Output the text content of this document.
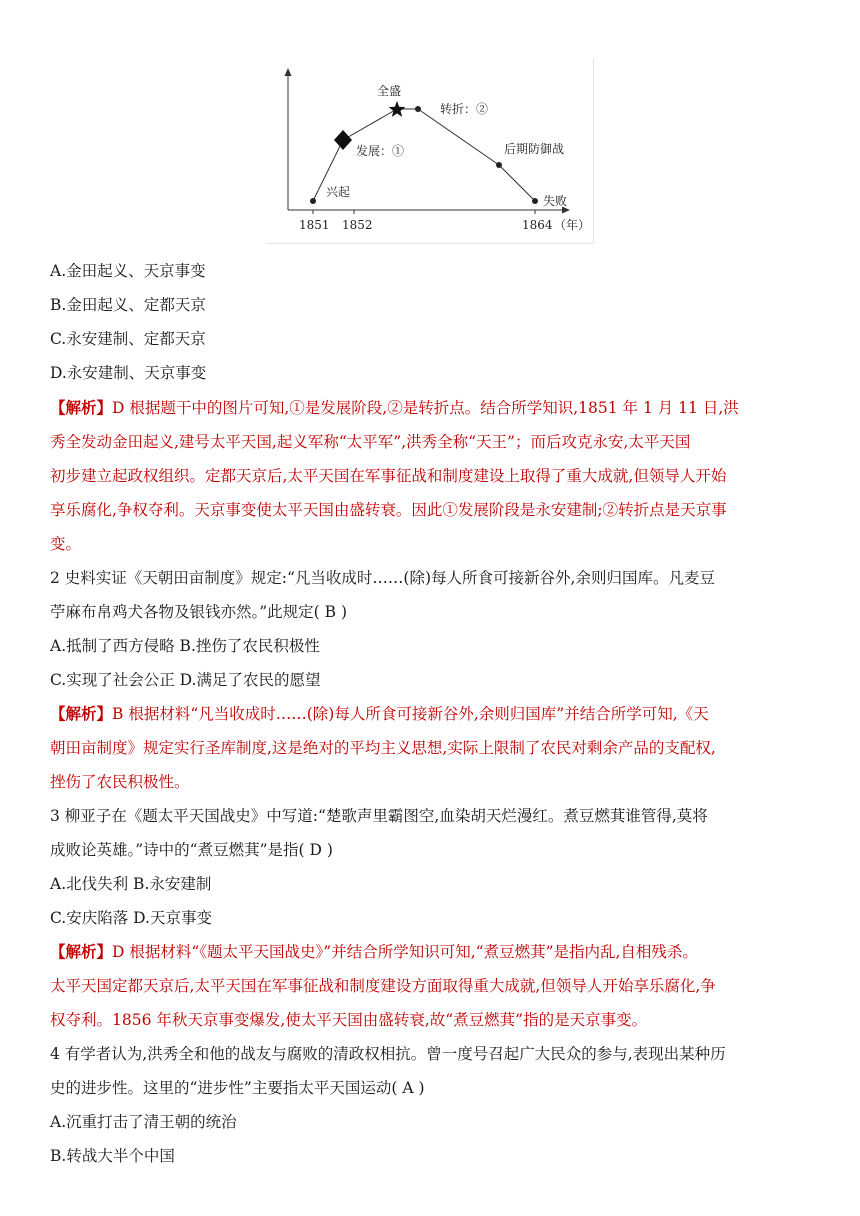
兴起
发展：①
全盛
转折：②
后期防御战
失败
1851 1852	1864 （年）
A.金田起义、天京事变
B.金田起义、定都天京
C.永安建制、定都天京
D.永安建制、天京事变
【解析】D 根据题干中的图片可知,①是发展阶段,②是转折点。结合所学知识,1851 年 1 月 11 日,洪
秀全发动金田起义,建号太平天国,起义军称“太平军”,洪秀全称“天王”；而后攻克永安,太平天国
初步建立起政权组织。定都天京后,太平天国在军事征战和制度建设上取得了重大成就,但领导人开始
享乐腐化,争权夺利。天京事变使太平天国由盛转衰。因此①发展阶段是永安建制;②转折点是天京事
变。
2 史料实证《天朝田亩制度》规定:“凡当收成时……(除)每人所食可接新谷外,余则归国库。凡麦豆
苧麻布帛鸡犬各物及银钱亦然。”此规定( B )
A.抵制了西方侵略 B.挫伤了农民积极性
C.实现了社会公正 D.满足了农民的愿望
【解析】B 根据材料“凡当收成时……(除)每人所食可接新谷外,余则归国库”并结合所学可知,《天
朝田亩制度》规定实行圣库制度,这是绝对的平均主义思想,实际上限制了农民对剩余产品的支配权,
挫伤了农民积极性。
3 柳亚子在《题太平天国战史》中写道:“楚歌声里霸图空,血染胡天烂漫红。煮豆燃萁谁管得,莫将
成败论英雄。”诗中的“煮豆燃萁”是指( D )
A.北伐失利 B.永安建制
C.安庆陷落 D.天京事变
【解析】D 根据材料“《题太平天国战史》”并结合所学知识可知,“煮豆燃萁”是指内乱,自相残杀。
太平天国定都天京后,太平天国在军事征战和制度建设方面取得重大成就,但领导人开始享乐腐化,争
权夺利。1856 年秋天京事变爆发,使太平天国由盛转衰,故“煮豆燃萁”指的是天京事变。
4 有学者认为,洪秀全和他的战友与腐败的清政权相抗。曾一度号召起广大民众的参与,表现出某种历
史的进步性。这里的“进步性”主要指太平天国运动( A )
A.沉重打击了清王朝的统治
B.转战大半个中国
